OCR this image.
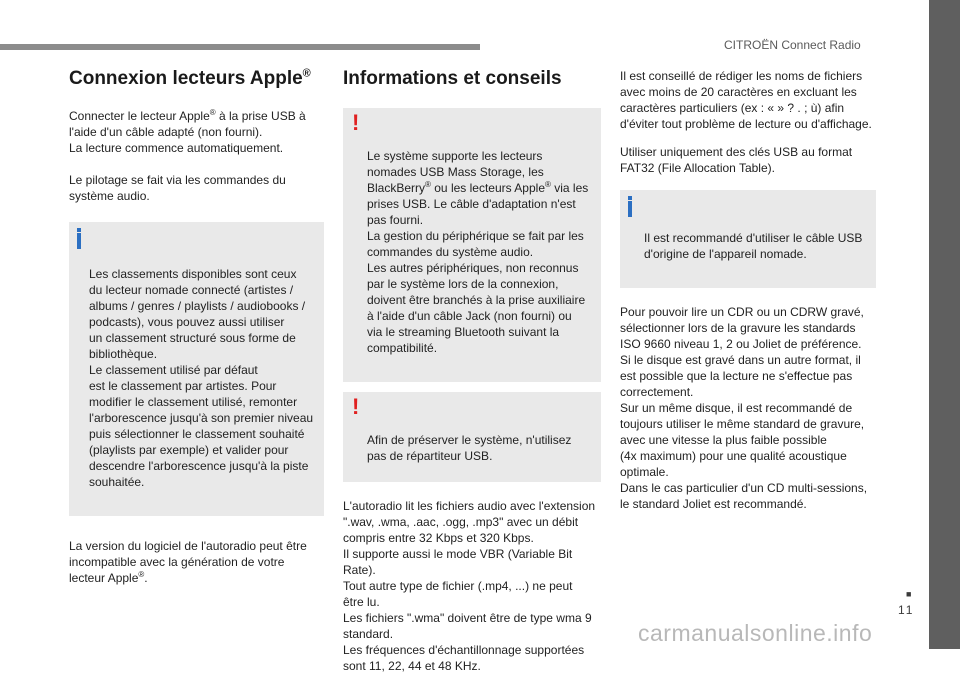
CITROËN Connect Radio
Connexion lecteurs Apple®

Connecter le lecteur Apple® à la prise USB à
l'aide d'un câble adapté (non fourni).
La lecture commence automatiquement.

Le pilotage se fait via les commandes du
système audio.

Les classements disponibles sont ceux
du lecteur nomade connecté (artistes /
albums / genres / playlists / audiobooks /
podcasts), vous pouvez aussi utiliser
un classement structuré sous forme de
bibliothèque.
Le classement utilisé par défaut
est le classement par artistes. Pour
modifier le classement utilisé, remonter
l'arborescence jusqu'à son premier niveau
puis sélectionner le classement souhaité
(playlists par exemple) et valider pour
descendre l'arborescence jusqu'à la piste
souhaitée.

La version du logiciel de l'autoradio peut être
incompatible avec la génération de votre
lecteur Apple®.

Informations et conseils

!

Le système supporte les lecteurs
nomades USB Mass Storage, les
BlackBerry® ou les lecteurs Apple® via les
prises USB. Le câble d'adaptation n'est
pas fourni.
La gestion du périphérique se fait par les
commandes du système audio.
Les autres périphériques, non reconnus
par le système lors de la connexion,
doivent être branchés à la prise auxiliaire
à l'aide d'un câble Jack (non fourni) ou
via le streaming Bluetooth suivant la
compatibilité.

!

Afin de préserver le système, n'utilisez
pas de répartiteur USB.

L'autoradio lit les fichiers audio avec l'extension
".wav, .wma, .aac, .ogg, .mp3" avec un débit
compris entre 32 Kbps et 320 Kbps.
Il supporte aussi le mode VBR (Variable Bit
Rate).
Tout autre type de fichier (.mp4, ...) ne peut
être lu.
Les fichiers ".wma" doivent être de type wma 9
standard.
Les fréquences d'échantillonnage supportées
sont 11, 22, 44 et 48 KHz.

Il est conseillé de rédiger les noms de fichiers
avec moins de 20 caractères en excluant les
caractères particuliers (ex : « » ? . ; ù) afin
d'éviter tout problème de lecture ou d'affichage.

Utiliser uniquement des clés USB au format
FAT32 (File Allocation Table).

Il est recommandé d'utiliser le câble USB
d'origine de l'appareil nomade.

Pour pouvoir lire un CDR ou un CDRW gravé,
sélectionner lors de la gravure les standards
ISO 9660 niveau 1, 2 ou Joliet de préférence.
Si le disque est gravé dans un autre format, il
est possible que la lecture ne s'effectue pas
correctement.
Sur un même disque, il est recommandé de
toujours utiliser le même standard de gravure,
avec une vitesse la plus faible possible
(4x maximum) pour une qualité acoustique
optimale.
Dans le cas particulier d'un CD multi-sessions,
le standard Joliet est recommandé.

■
11
carmanualsonline.info
